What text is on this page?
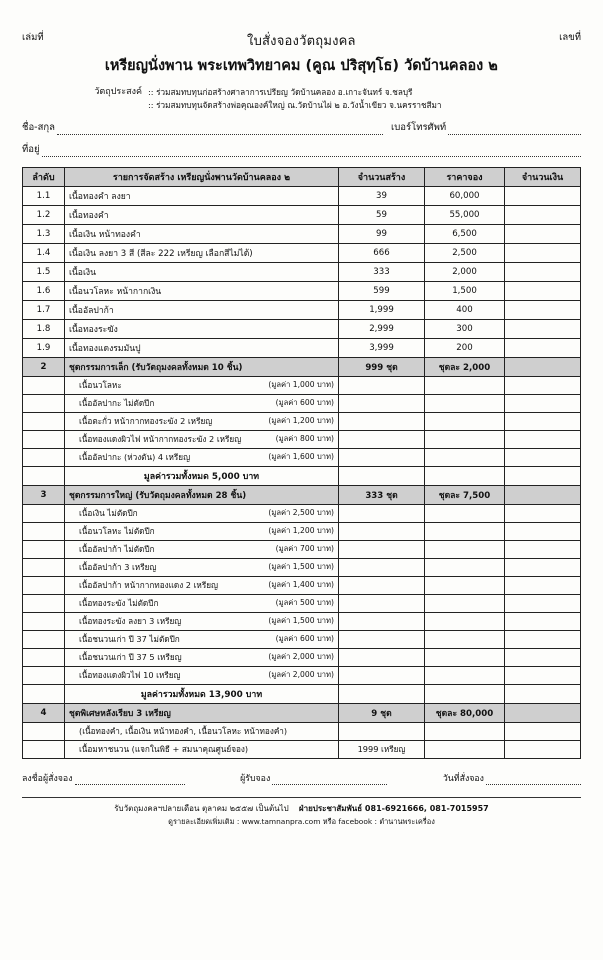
เล่มที่	ใบสั่งจองวัตถุมงคล
เหรียญนั่งพาน พระเทพวิทยาคม (คูณ ปริสุทฺโธ) วัดบ้านคลอง ๒
เลขที่
วัตถุประสงค์ :: ร่วมสมทบทุนก่อสร้างศาลาการเปรียญ วัดบ้านคลอง อ.เกาะจันทร์ จ.ชลบุรี
:: ร่วมสมทบทุนจัดสร้างพ่อคุณองค์ใหญ่ ณ.วัดบ้านไผ่ ๒ อ.วังน้ำเขียว จ.นครราชสีมา
ชื่อ-สกุล	เบอร์โทรศัพท์
ที่อยู่
ลำดับ	รายการจัดสร้าง เหรียญนั่งพานวัดบ้านคลอง ๒	จำนวนสร้าง	ราคาจอง	จำนวนเงิน
1.1	เนื้อทองคำ ลงยา	39	60,000	
1.2	เนื้อทองคำ	59	55,000	
1.3	เนื้อเงิน หน้าทองคำ	99	6,500	
1.4	เนื้อเงิน ลงยา 3 สี (สีละ 222 เหรียญ เลือกสีไม่ได้)	666	2,500	
1.5	เนื้อเงิน	333	2,000	
1.6	เนื้อนวโลหะ หน้ากากเงิน	599	1,500	
1.7	เนื้ออัลปาก้า	1,999	400	
1.8	เนื้อทองระฆัง	2,999	300	
1.9	เนื้อทองแดงรมมันปู	3,999	200	
2	ชุดกรรมการเล็ก (รับวัตถุมงคลทั้งหมด 10 ชิ้น)	999 ชุด	ชุดละ 2,000	
	เนื้อนวโลหะ (มูลค่า 1,000 บาท)			

	เนื้ออัลปากะ ไม่ตัดปีก (มูลค่า 600 บาท)			

	เนื้อตะกั่ว หน้ากากทองระฆัง 2 เหรียญ (มูลค่า 1,200 บาท)			

	เนื้อทองแดงผิวไฟ หน้ากากทองระฆัง 2 เหรียญ (มูลค่า 800 บาท)			

	เนื้ออัลปากะ (ห่วงตัน) 4 เหรียญ (มูลค่า 1,600 บาท)			

	มูลค่ารวมทั้งหมด 5,000 บาท			
3	ชุดกรรมการใหญ่ (รับวัตถุมงคลทั้งหมด 28 ชิ้น)	333 ชุด	ชุดละ 7,500	
	เนื้อเงิน ไม่ตัดปีก (มูลค่า 2,500 บาท)			

	เนื้อนวโลหะ ไม่ตัดปีก (มูลค่า 1,200 บาท)			

	เนื้ออัลปาก้า ไม่ตัดปีก (มูลค่า 700 บาท)			

	เนื้ออัลปาก้า 3 เหรียญ (มูลค่า 1,500 บาท)			

	เนื้ออัลปาก้า หน้ากากทองแดง 2 เหรียญ (มูลค่า 1,400 บาท)			

	เนื้อทองระฆัง ไม่ตัดปีก (มูลค่า 500 บาท)			

	เนื้อทองระฆัง ลงยา 3 เหรียญ (มูลค่า 1,500 บาท)			

	เนื้อชนวนเก่า ปี 37 ไม่ตัดปีก (มูลค่า 600 บาท)			

	เนื้อชนวนเก่า ปี 37 5 เหรียญ (มูลค่า 2,000 บาท)			

	เนื้อทองแดงผิวไฟ 10 เหรียญ (มูลค่า 2,000 บาท)			

	มูลค่ารวมทั้งหมด 13,900 บาท			
4	ชุดพิเศษหลังเรียบ 3 เหรียญ	9 ชุด	ชุดละ 80,000	
	(เนื้อทองคำ, เนื้อเงิน หน้าทองคำ, เนื้อนวโลหะ หน้าทองคำ)			
	เนื้อมหาชนวน (แจกในพิธี + สมนาคุณศูนย์จอง)	1999 เหรียญ		
ลงชื่อผู้สั่งจอง	ผู้รับจอง	วันที่สั่งจอง
รับวัตถุมงคลฯปลายเดือน ตุลาคม ๒๕๕๗ เป็นต้นไป ฝ่ายประชาสัมพันธ์ 081-6921666, 081-7015957
ดูรายละเอียดเพิ่มเติม : www.tamnanpra.com หรือ facebook : ตำนานพระเครื่อง
